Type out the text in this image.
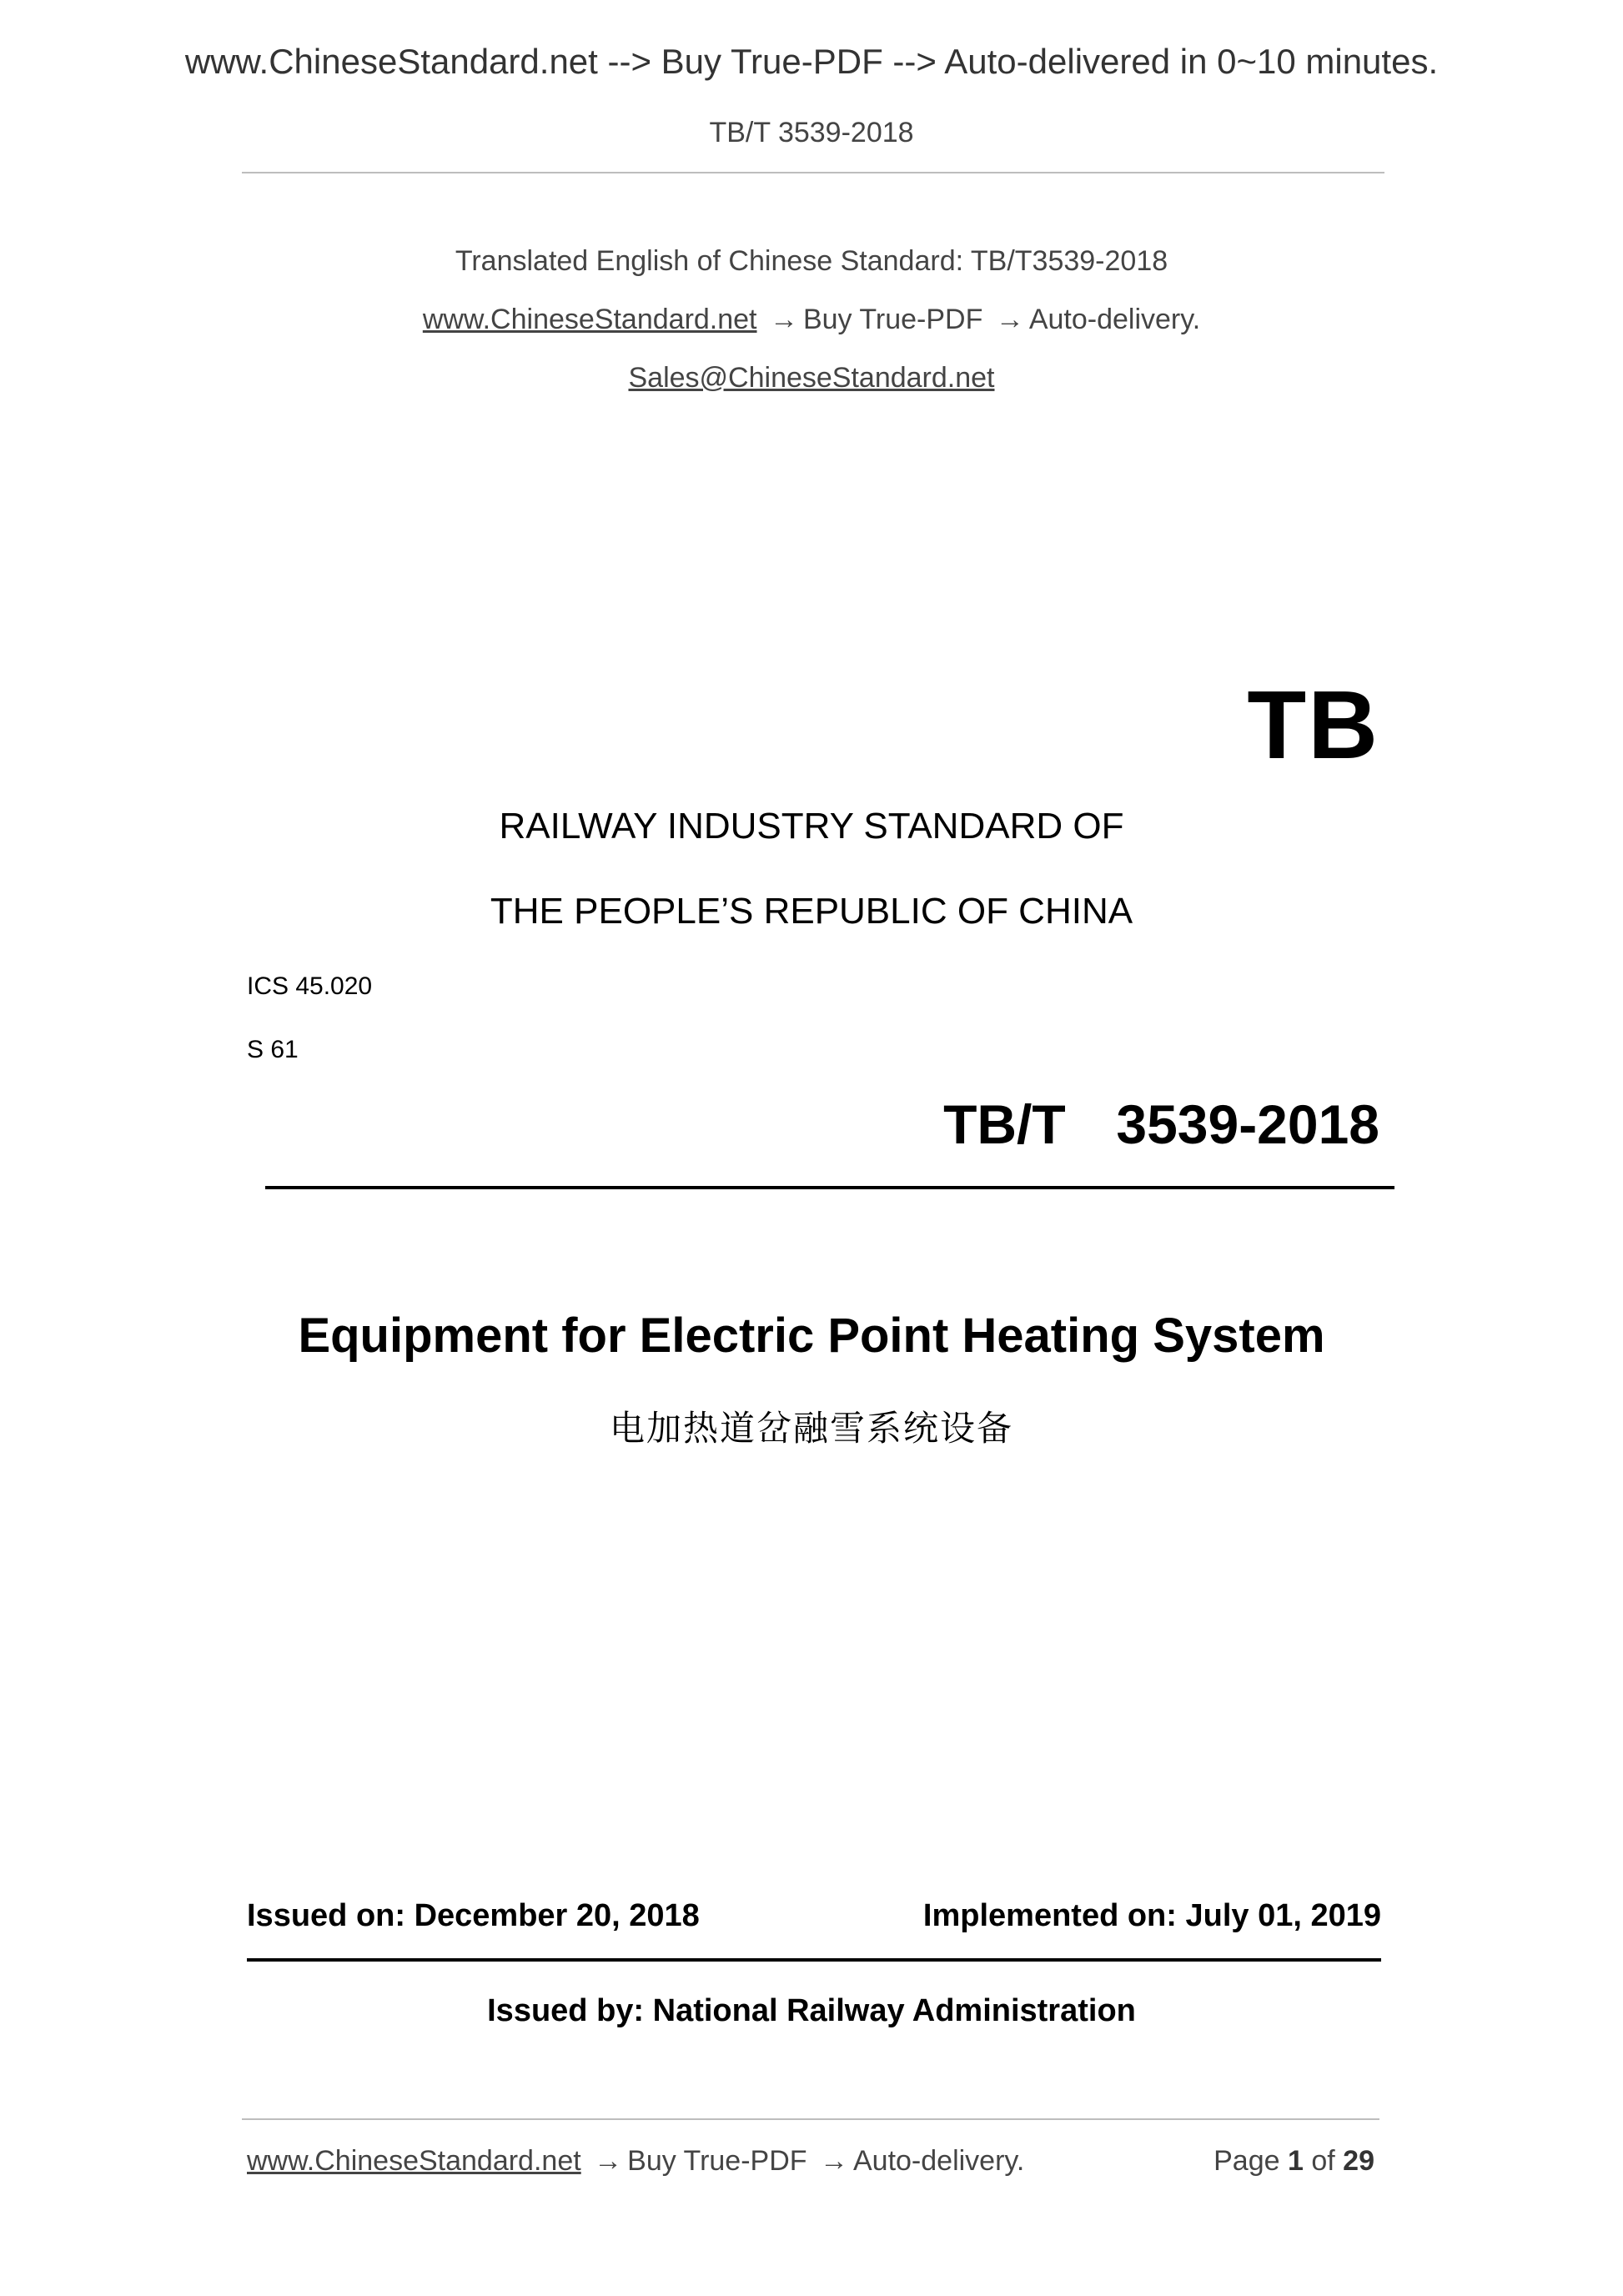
www.ChineseStandard.net --> Buy True-PDF --> Auto-delivered in 0~10 minutes.
TB/T 3539-2018
Translated English of Chinese Standard: TB/T3539-2018
www.ChineseStandard.net → Buy True-PDF → Auto-delivery.
Sales@ChineseStandard.net
TB
RAILWAY INDUSTRY STANDARD OF
THE PEOPLE’S REPUBLIC OF CHINA
ICS 45.020
S 61
TB/T  3539-2018
Equipment for Electric Point Heating System
电加热道岔融雪系统设备
Issued on: December 20, 2018	Implemented on: July 01, 2019
Issued by: National Railway Administration
www.ChineseStandard.net → Buy True-PDF → Auto-delivery.	Page 1 of 29
